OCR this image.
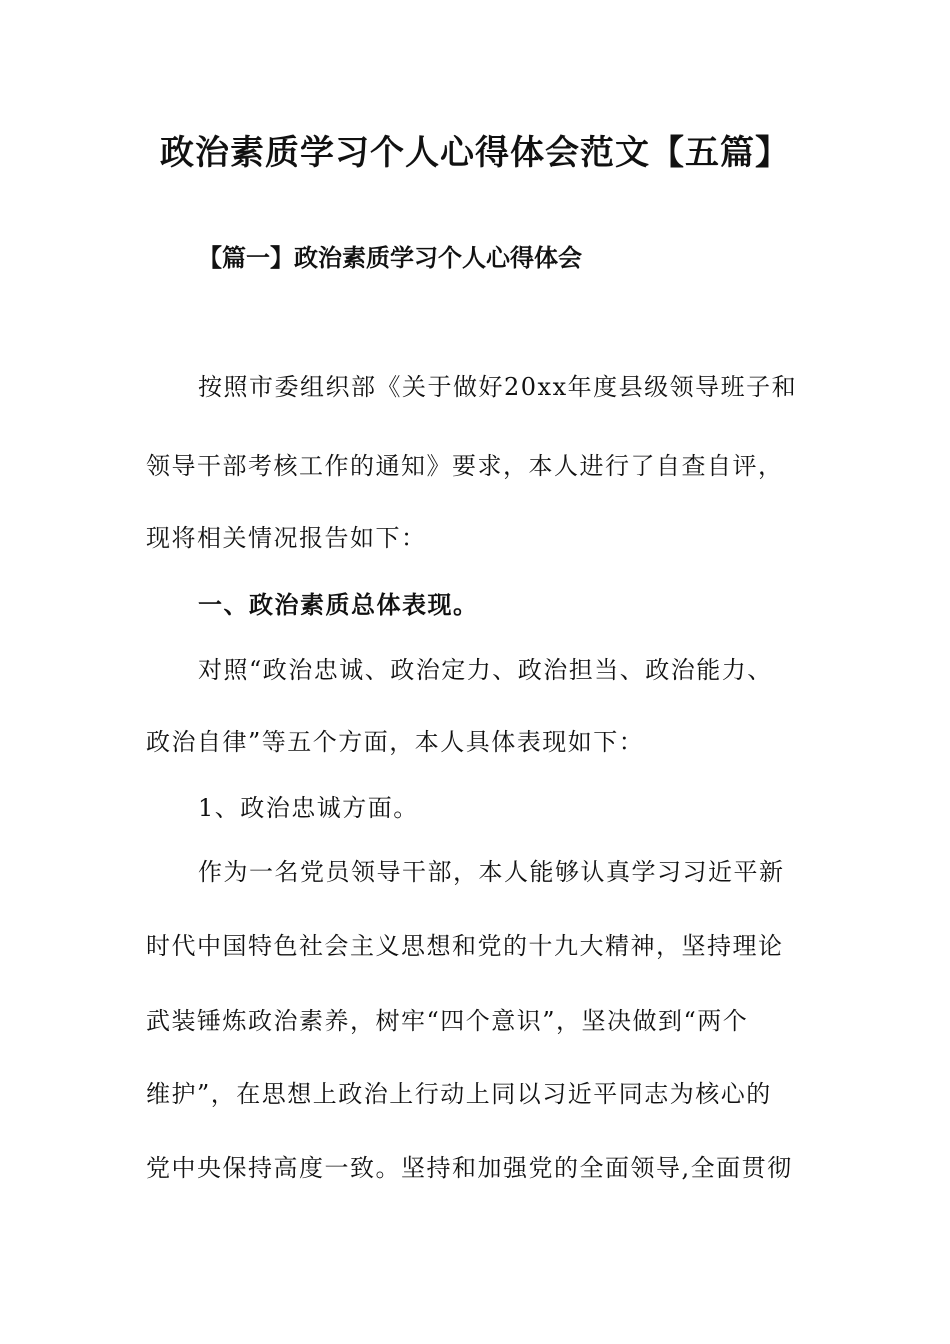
政治素质学习个人心得体会范文【五篇】
【篇一】政治素质学习个人心得体会
按照市委组织部《关于做好20xx年度县级领导班子和
领导干部考核工作的通知》要求，本人进行了自查自评，
现将相关情况报告如下：
一、政治素质总体表现。
对照“政治忠诚、政治定力、政治担当、政治能力、
政治自律”等五个方面，本人具体表现如下：
1、政治忠诚方面。
作为一名党员领导干部，本人能够认真学习习近平新
时代中国特色社会主义思想和党的十九大精神，坚持理论
武装锤炼政治素养，树牢“四个意识”，坚决做到“两个
维护”，在思想上政治上行动上同以习近平同志为核心的
党中央保持高度一致。坚持和加强党的全面领导,全面贯彻
